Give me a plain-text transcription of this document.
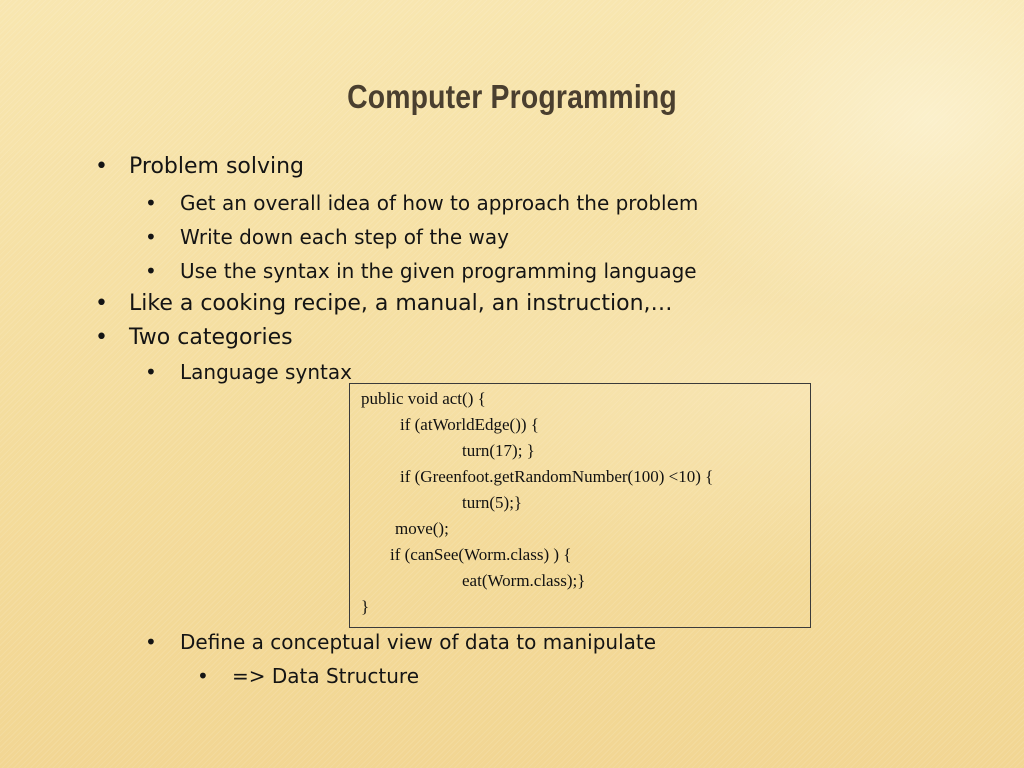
Computer Programming
• Problem solving
• Get an overall idea of how to approach the problem
• Write down each step of the way
• Use the syntax in the given programming language
• Like a cooking recipe, a manual, an instruction,…
• Two categories
• Language syntax
public void act() {
if (atWorldEdge()) {
turn(17); }
if (Greenfoot.getRandomNumber(100) <10) {
turn(5);}
move();
if (canSee(Worm.class) ) {
eat(Worm.class);}
}
• Define a conceptual view of data to manipulate
• => Data Structure
